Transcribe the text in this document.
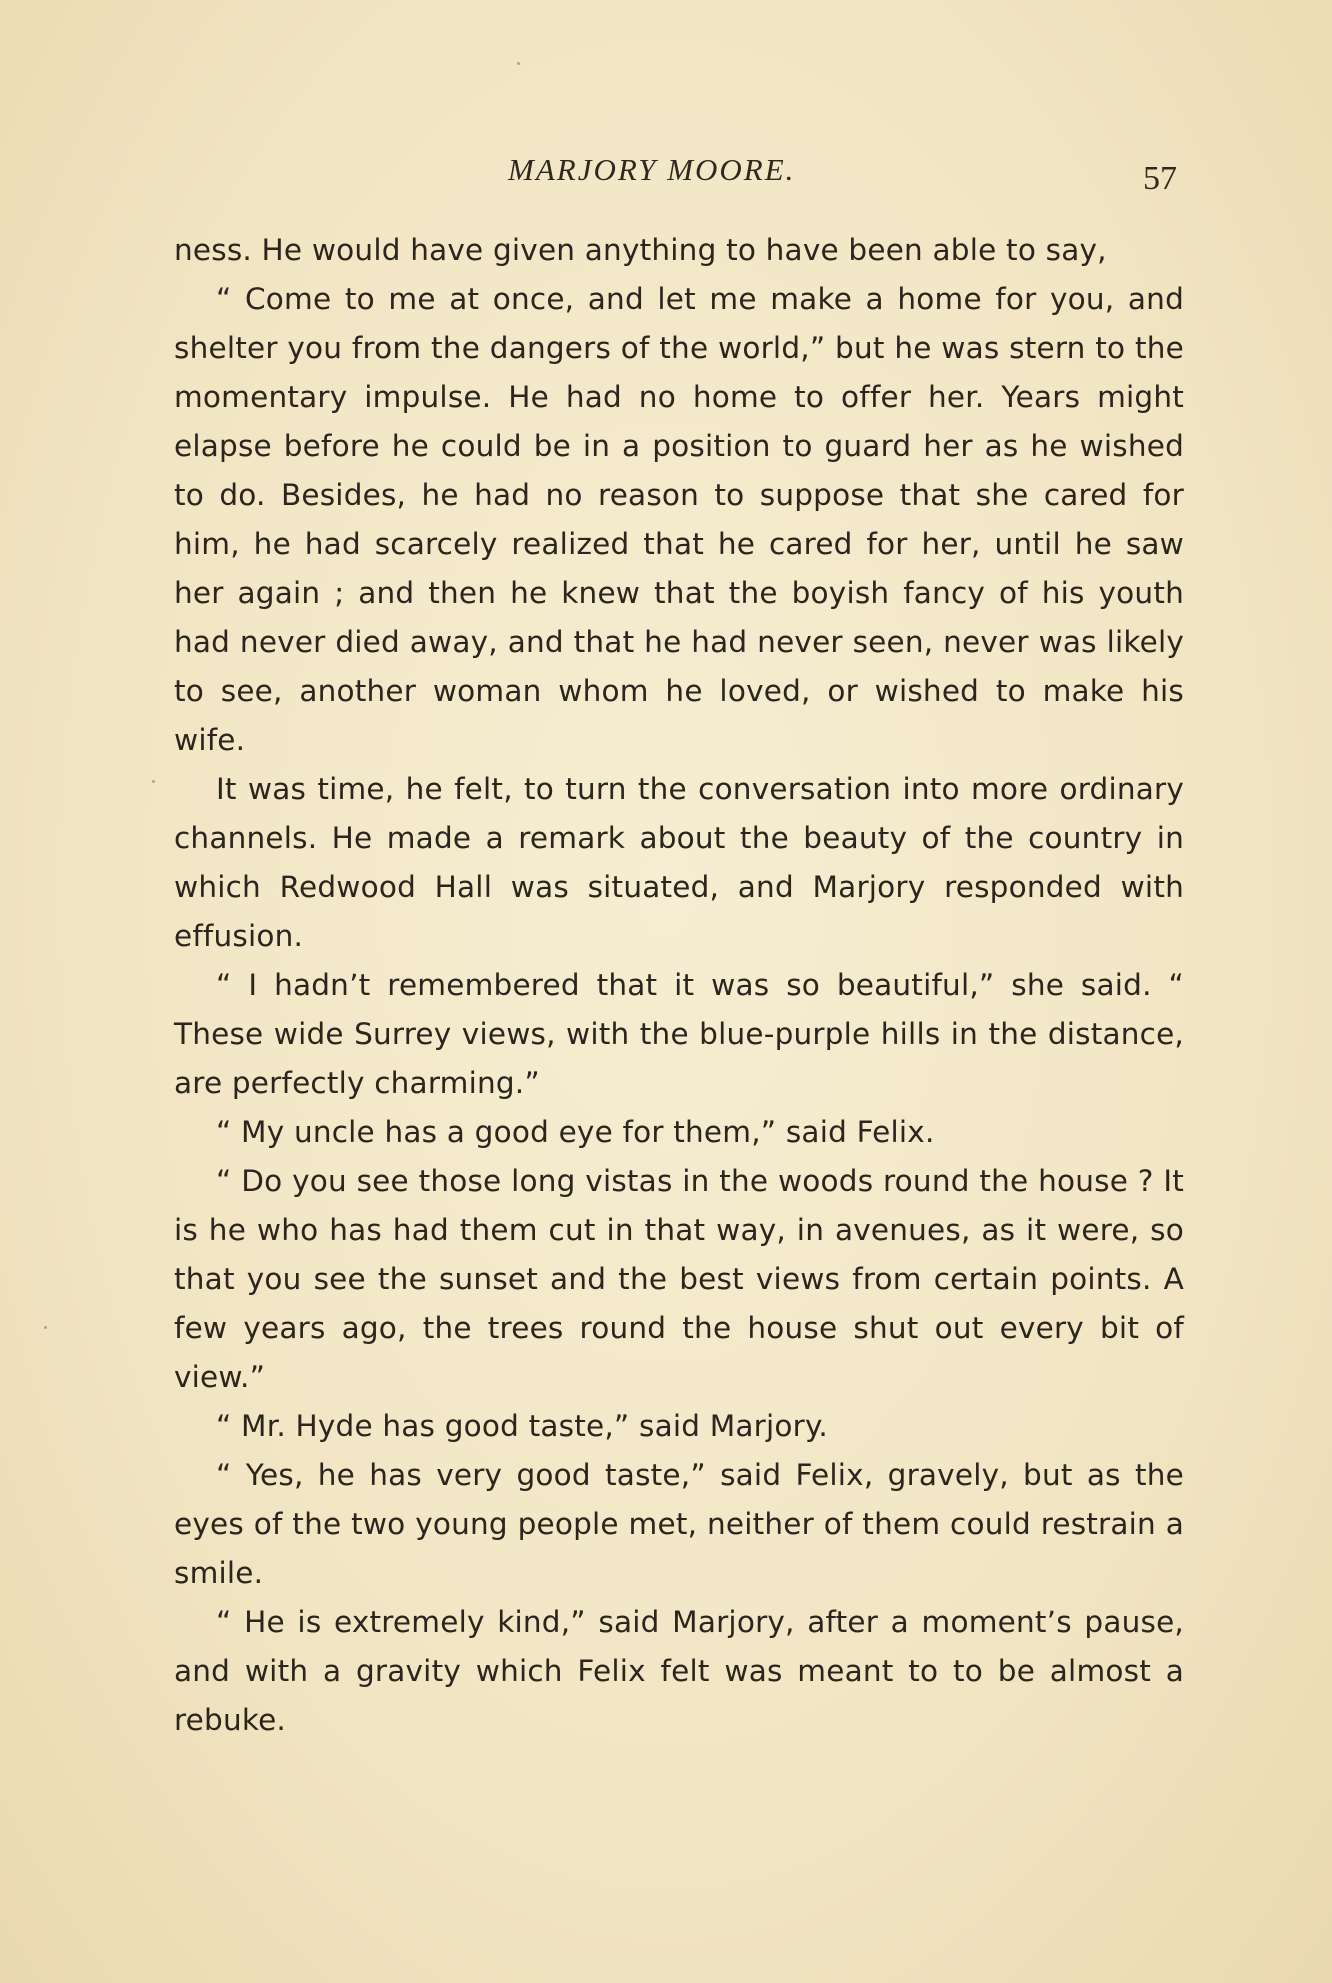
MARJORY MOORE.	57

ness. He would have given anything to have been able to say,

“ Come to me at once, and let me make a home for you, and shelter you from the dangers of the world,” but he was stern to the momentary impulse. He had no home to offer her. Years might elapse before he could be in a position to guard her as he wished to do. Besides, he had no reason to suppose that she cared for him, he had scarcely realized that he cared for her, until he saw her again ; and then he knew that the boyish fancy of his youth had never died away, and that he had never seen, never was likely to see, another woman whom he loved, or wished to make his wife.

It was time, he felt, to turn the conversation into more ordinary channels. He made a remark about the beauty of the country in which Redwood Hall was situated, and Marjory responded with effusion.

“ I hadn’t remembered that it was so beautiful,” she said. “ These wide Surrey views, with the blue-purple hills in the distance, are perfectly charming.”

“ My uncle has a good eye for them,” said Felix.

“ Do you see those long vistas in the woods round the house ? It is he who has had them cut in that way, in avenues, as it were, so that you see the sunset and the best views from certain points. A few years ago, the trees round the house shut out every bit of view.”

“ Mr. Hyde has good taste,” said Marjory.

“ Yes, he has very good taste,” said Felix, gravely, but as the eyes of the two young people met, neither of them could restrain a smile.

“ He is extremely kind,” said Marjory, after a moment’s pause, and with a gravity which Felix felt was meant to to be almost a rebuke.
